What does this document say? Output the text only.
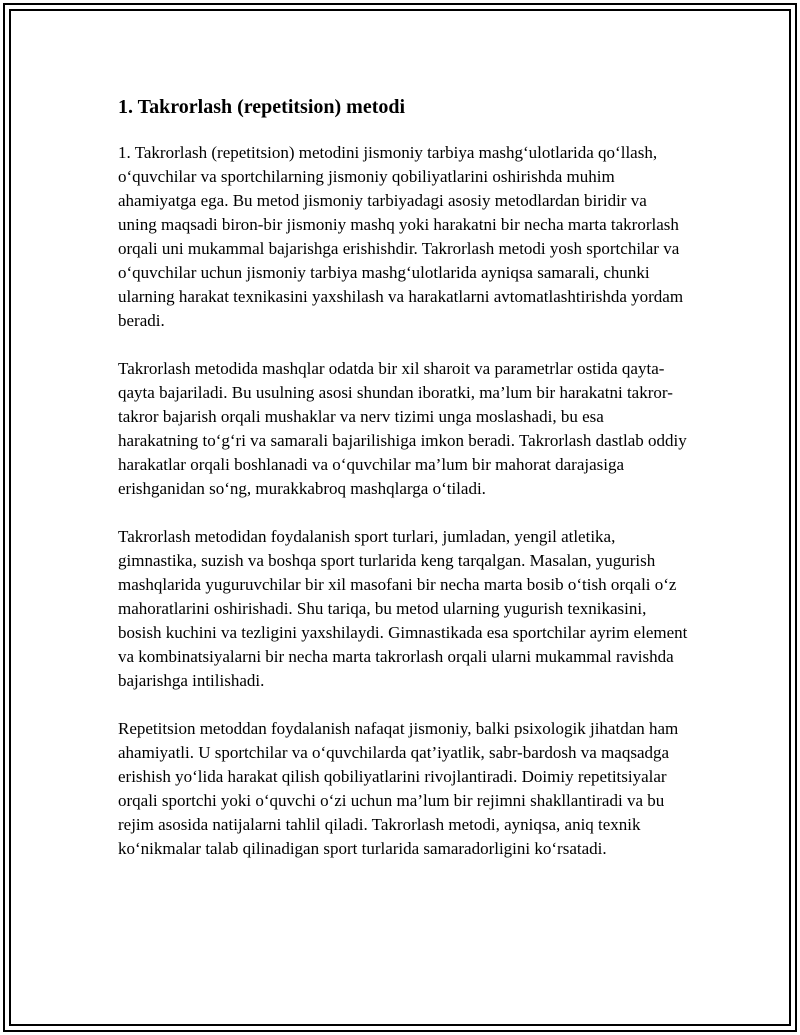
1. Takrorlash (repetitsion) metodi

1. Takrorlash (repetitsion) metodini jismoniy tarbiya mashg‘ulotlarida qo‘llash, o‘quvchilar va sportchilarning jismoniy qobiliyatlarini oshirishda muhim ahamiyatga ega. Bu metod jismoniy tarbiyadagi asosiy metodlardan biridir va uning maqsadi biron-bir jismoniy mashq yoki harakatni bir necha marta takrorlash orqali uni mukammal bajarishga erishishdir. Takrorlash metodi yosh sportchilar va o‘quvchilar uchun jismoniy tarbiya mashg‘ulotlarida ayniqsa samarali, chunki ularning harakat texnikasini yaxshilash va harakatlarni avtomatlashtirishda yordam beradi.

Takrorlash metodida mashqlar odatda bir xil sharoit va parametrlar ostida qayta-qayta bajariladi. Bu usulning asosi shundan iboratki, ma’lum bir harakatni takror-takror bajarish orqali mushaklar va nerv tizimi unga moslashadi, bu esa harakatning to‘g‘ri va samarali bajarilishiga imkon beradi. Takrorlash dastlab oddiy harakatlar orqali boshlanadi va o‘quvchilar ma’lum bir mahorat darajasiga erishganidan so‘ng, murakkabroq mashqlarga o‘tiladi.

Takrorlash metodidan foydalanish sport turlari, jumladan, yengil atletika, gimnastika, suzish va boshqa sport turlarida keng tarqalgan. Masalan, yugurish mashqlarida yuguruvchilar bir xil masofani bir necha marta bosib o‘tish orqali o‘z mahoratlarini oshirishadi. Shu tariqa, bu metod ularning yugurish texnikasini, bosish kuchini va tezligini yaxshilaydi. Gimnastikada esa sportchilar ayrim element va kombinatsiyalarni bir necha marta takrorlash orqali ularni mukammal ravishda bajarishga intilishadi.

Repetitsion metoddan foydalanish nafaqat jismoniy, balki psixologik jihatdan ham ahamiyatli. U sportchilar va o‘quvchilarda qat’iyatlik, sabr-bardosh va maqsadga erishish yo‘lida harakat qilish qobiliyatlarini rivojlantiradi. Doimiy repetitsiyalar orqali sportchi yoki o‘quvchi o‘zi uchun ma’lum bir rejimni shakllantiradi va bu rejim asosida natijalarni tahlil qiladi. Takrorlash metodi, ayniqsa, aniq texnik ko‘nikmalar talab qilinadigan sport turlarida samaradorligini ko‘rsatadi.
